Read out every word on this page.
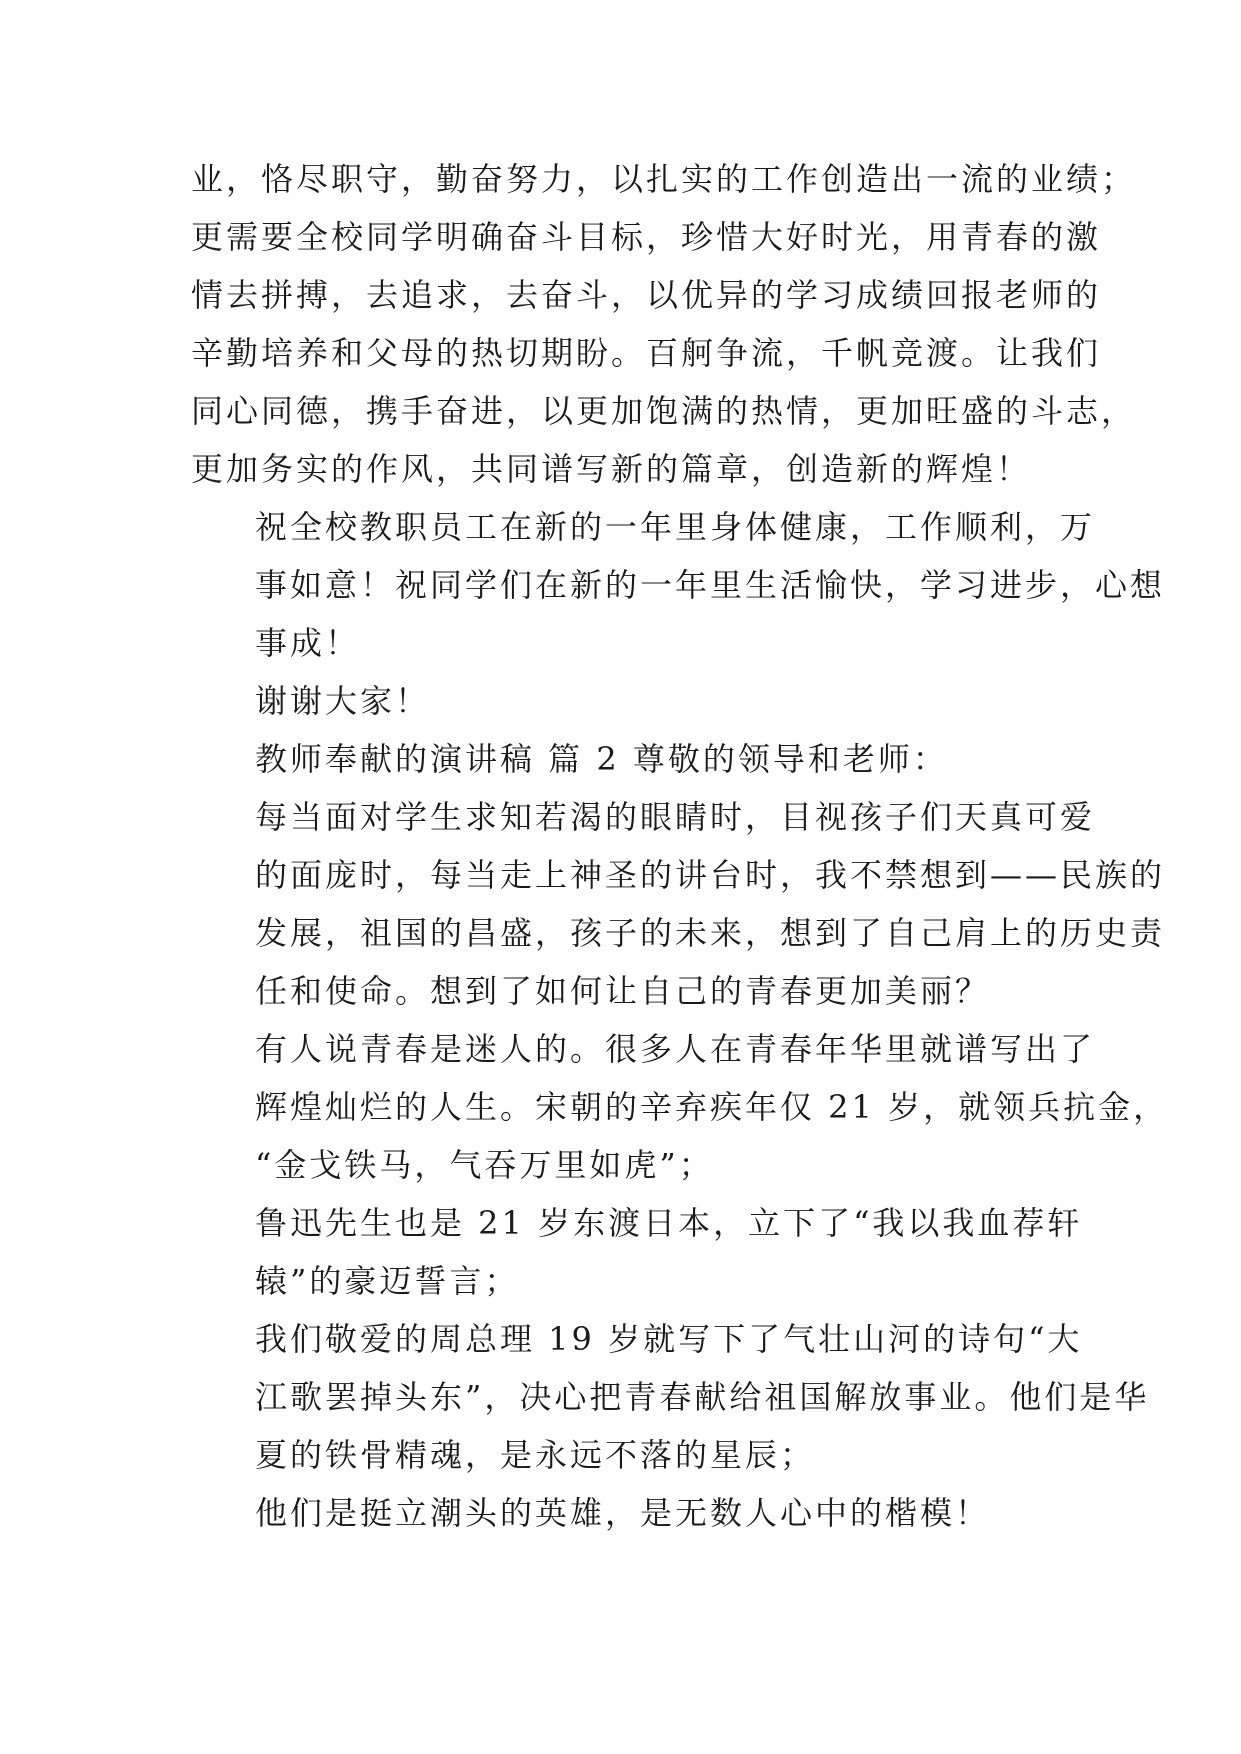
业，恪尽职守，勤奋努力，以扎实的工作创造出一流的业绩；
更需要全校同学明确奋斗目标，珍惜大好时光，用青春的激
情去拼搏，去追求，去奋斗，以优异的学习成绩回报老师的
辛勤培养和父母的热切期盼。百舸争流，千帆竞渡。让我们
同心同德，携手奋进，以更加饱满的热情，更加旺盛的斗志，
更加务实的作风，共同谱写新的篇章，创造新的辉煌！
祝全校教职员工在新的一年里身体健康，工作顺利，万
事如意！祝同学们在新的一年里生活愉快，学习进步，心想
事成！
谢谢大家！
教师奉献的演讲稿 篇 2 尊敬的领导和老师：
每当面对学生求知若渴的眼睛时，目视孩子们天真可爱
的面庞时，每当走上神圣的讲台时，我不禁想到——民族的
发展，祖国的昌盛，孩子的未来，想到了自己肩上的历史责
任和使命。想到了如何让自己的青春更加美丽？
有人说青春是迷人的。很多人在青春年华里就谱写出了
辉煌灿烂的人生。宋朝的辛弃疾年仅 21 岁，就领兵抗金，
“金戈铁马，气吞万里如虎”；
鲁迅先生也是 21 岁东渡日本，立下了“我以我血荐轩
辕”的豪迈誓言；
我们敬爱的周总理 19 岁就写下了气壮山河的诗句“大
江歌罢掉头东”，决心把青春献给祖国解放事业。他们是华
夏的铁骨精魂，是永远不落的星辰；
他们是挺立潮头的英雄，是无数人心中的楷模！
